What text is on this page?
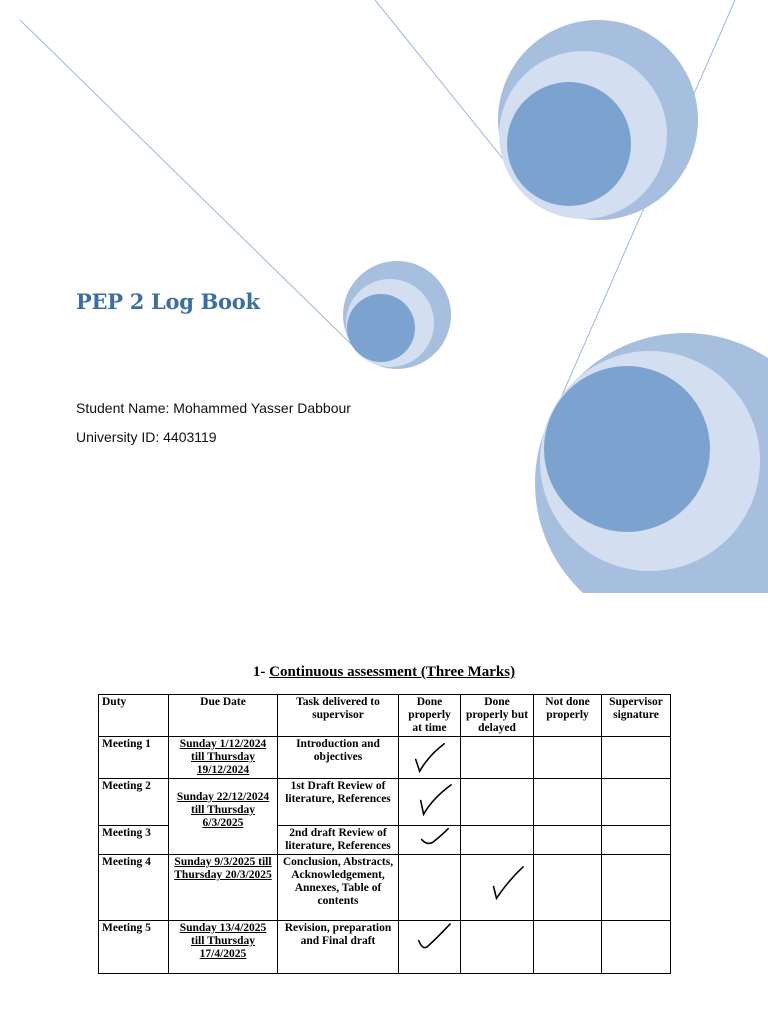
PEP 2 Log Book

Student Name: Mohammed Yasser Dabbour

University ID: 4403119

1- Continuous assessment (Three Marks)
Duty	Due Date	Task delivered to supervisor	Done properly at time	Done properly but delayed	Not done properly	Supervisor signature
Meeting 1	Sunday 1/12/2024 till Thursday 19/12/2024	Introduction and objectives	

Meeting 2	Sunday 22/12/2024 till Thursday 6/3/2025	1st Draft Review of literature, References	

Meeting 3		2nd draft Review of literature, References	

Meeting 4	Sunday 9/3/2025 till Thursday 20/3/2025	Conclusion, Abstracts, Acknowledgement, Annexes, Table of contents		

Meeting 5	Sunday 13/4/2025 till Thursday 17/4/2025	Revision, preparation and Final draft	
